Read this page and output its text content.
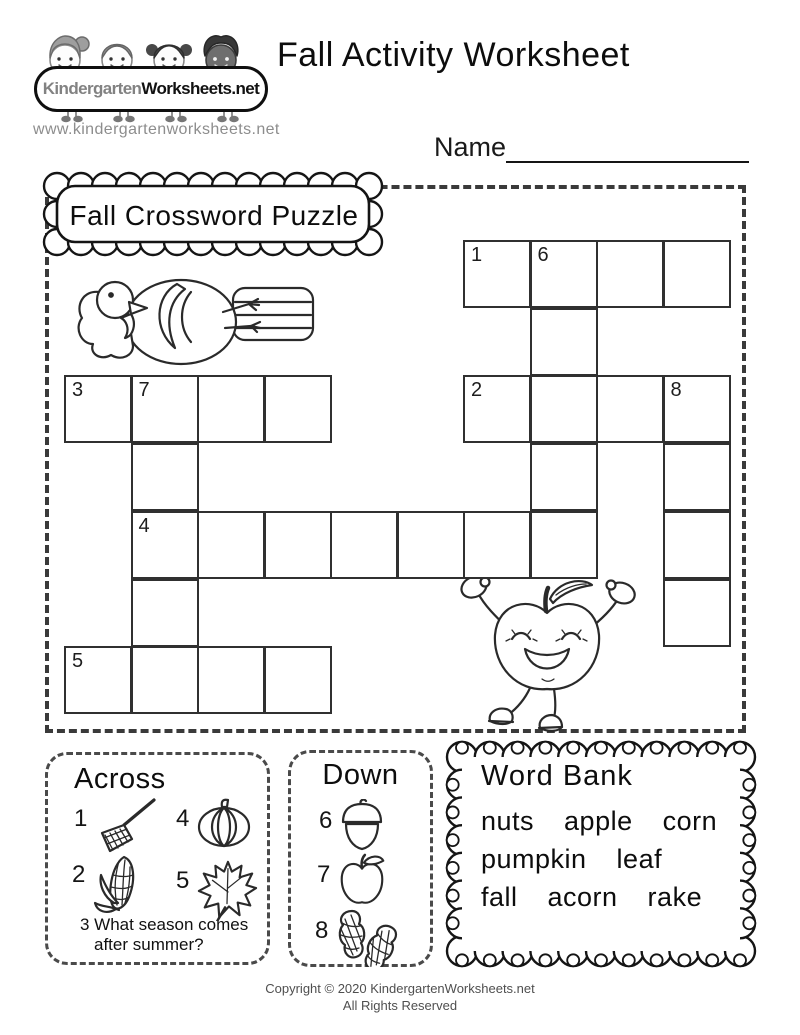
Kindergarten Worksheets.net
www.kindergartenworksheets.net
Fall Activity Worksheet
Name
Fall Crossword Puzzle
1	6
3	7	2	8
4
5
Across
1	4
2	5
3 What season comes
after summer?
Down
6
7
8
Word Bank
nuts apple corn
pumpkin leaf
fall acorn rake
Copyright © 2020 KindergartenWorksheets.net
All Rights Reserved
